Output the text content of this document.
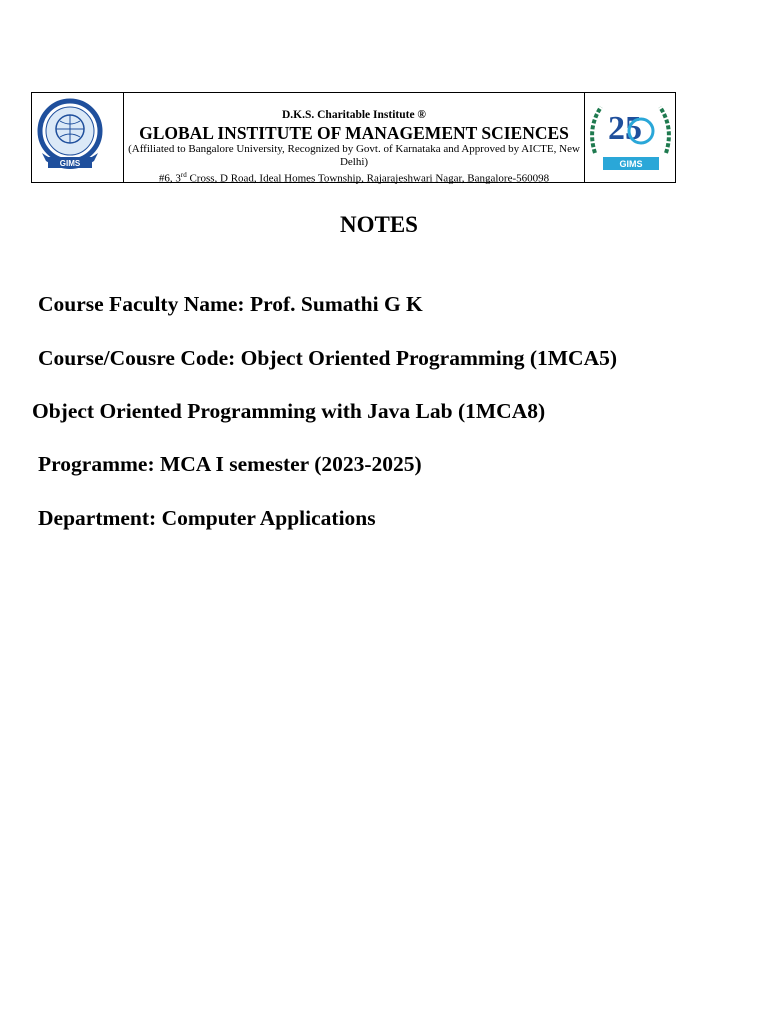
GIMS
D.K.S. Charitable Institute ®
GLOBAL INSTITUTE OF MANAGEMENT SCIENCES
(Affiliated to Bangalore University, Recognized by Govt. of Karnataka and Approved by AICTE, New Delhi)
#6, 3rd Cross, D Road, Ideal Homes Township, Rajarajeshwari Nagar, Bangalore-560098
25
GIMS
NOTES
Course Faculty Name: Prof. Sumathi G K
Course/Cousre Code: Object Oriented Programming (1MCA5)
Object Oriented Programming with Java Lab (1MCA8)
Programme: MCA I semester (2023-2025)
Department: Computer Applications
